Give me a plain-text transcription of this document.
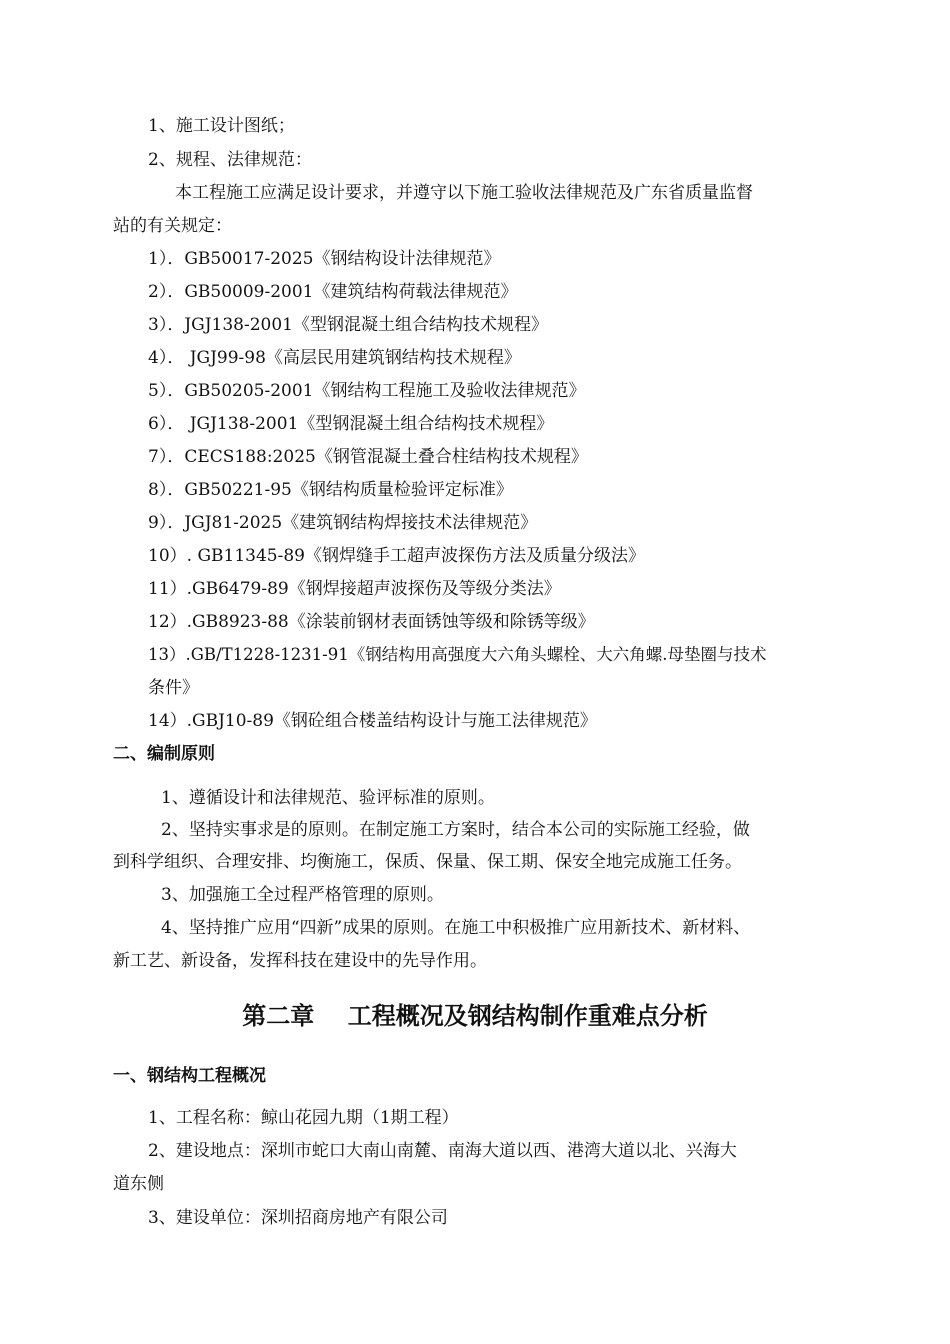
1、施工设计图纸；
2、规程、法律规范：
本工程施工应满足设计要求，并遵守以下施工验收法律规范及广东省质量监督
站的有关规定：
1）．GB50017-2025《钢结构设计法律规范》
2）．GB50009-2001《建筑结构荷载法律规范》
3）．JGJ138-2001《型钢混凝土组合结构技术规程》
4）． JGJ99-98《高层民用建筑钢结构技术规程》
5）．GB50205-2001《钢结构工程施工及验收法律规范》
6）． JGJ138-2001《型钢混凝土组合结构技术规程》
7）．CECS188:2025《钢管混凝土叠合柱结构技术规程》
8）．GB50221-95《钢结构质量检验评定标准》
9）．JGJ81-2025《建筑钢结构焊接技术法律规范》
10）. GB11345-89《钢焊缝手工超声波探伤方法及质量分级法》
11）.GB6479-89《钢焊接超声波探伤及等级分类法》
12）.GB8923-88《涂装前钢材表面锈蚀等级和除锈等级》
13）.GB/T1228-1231-91《钢结构用高强度大六角头螺栓、大六角螺.母垫圈与技术
条件》
14）.GBJ10-89《钢砼组合楼盖结构设计与施工法律规范》
二、编制原则
1、遵循设计和法律规范、验评标准的原则。
2、坚持实事求是的原则。在制定施工方案时，结合本公司的实际施工经验，做
到科学组织、合理安排、均衡施工，保质、保量、保工期、保安全地完成施工任务。
3、加强施工全过程严格管理的原则。
4、坚持推广应用“四新”成果的原则。在施工中积极推广应用新技术、新材料、
新工艺、新设备，发挥科技在建设中的先导作用。
第二章    工程概况及钢结构制作重难点分析
一、钢结构工程概况
1、工程名称：鲸山花园九期（1期工程）
2、建设地点：深圳市蛇口大南山南麓、南海大道以西、港湾大道以北、兴海大
道东侧
3、建设单位：深圳招商房地产有限公司
